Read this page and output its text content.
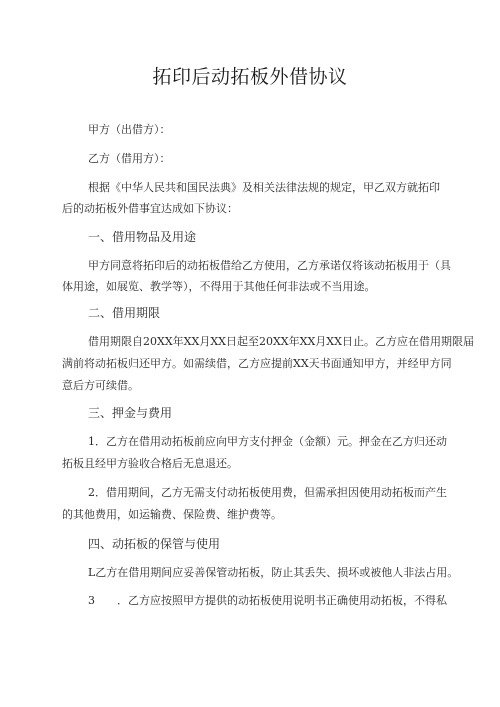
拓印后动拓板外借协议
甲方（出借方）：
乙方（借用方）：
根据《中华人民共和国民法典》及相关法律法规的规定，甲乙双方就拓印
后的动拓板外借事宜达成如下协议：
一、借用物品及用途
甲方同意将拓印后的动拓板借给乙方使用，乙方承诺仅将该动拓板用于（具
体用途，如展览、教学等），不得用于其他任何非法或不当用途。
二、借用期限
借用期限自20XX年XX月XX日起至20XX年XX月XX日止。乙方应在借用期限届
满前将动拓板归还甲方。如需续借，乙方应提前XX天书面通知甲方，并经甲方同
意后方可续借。
三、押金与费用
1．乙方在借用动拓板前应向甲方支付押金（金额）元。押金在乙方归还动
拓板且经甲方验收合格后无息退还。
2．借用期间，乙方无需支付动拓板使用费，但需承担因使用动拓板而产生
的其他费用，如运输费、保险费、维护费等。
四、动拓板的保管与使用
L乙方在借用期间应妥善保管动拓板，防止其丢失、损坏或被他人非法占用。
3　　．乙方应按照甲方提供的动拓板使用说明书正确使用动拓板，不得私
